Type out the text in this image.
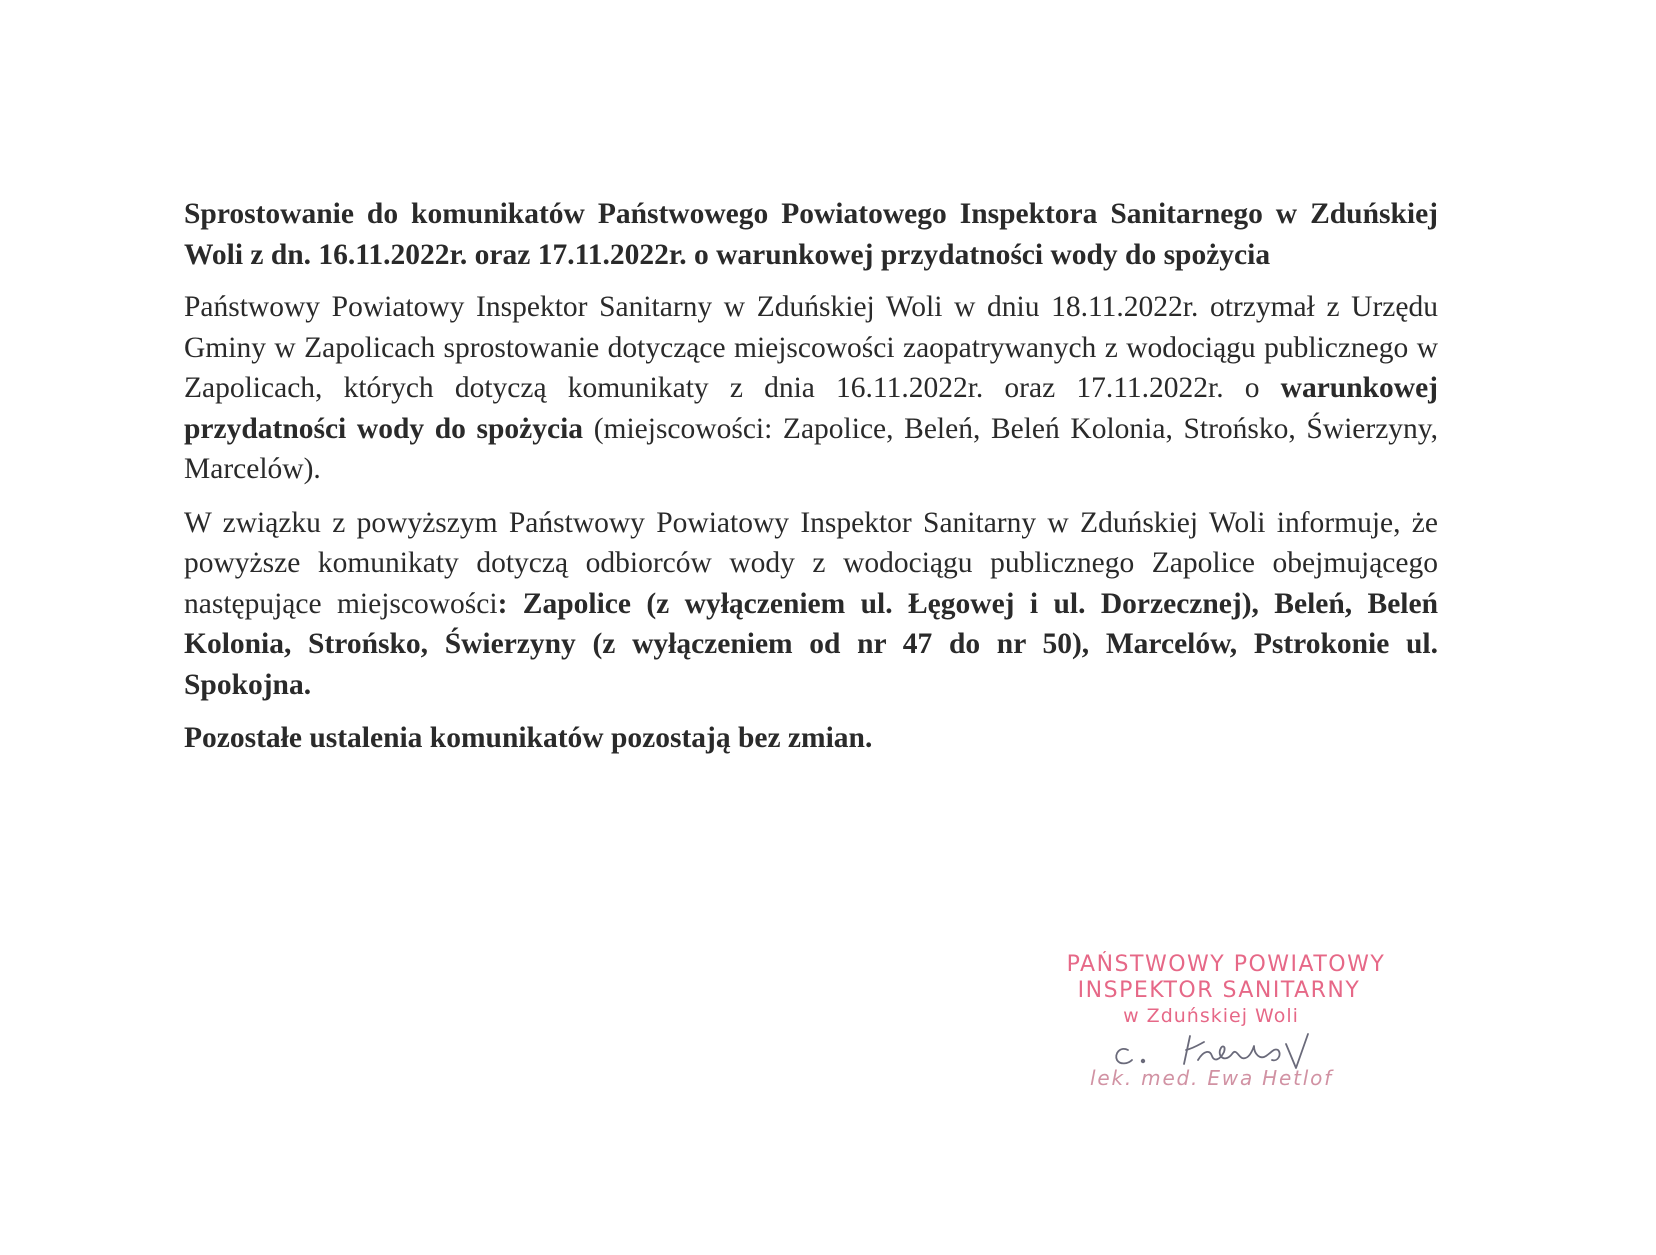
Sprostowanie do komunikatów Państwowego Powiatowego Inspektora Sanitarnego w Zduńskiej Woli z dn. 16.11.2022r. oraz 17.11.2022r. o warunkowej przydatności wody do spożycia

Państwowy Powiatowy Inspektor Sanitarny w Zduńskiej Woli w dniu 18.11.2022r. otrzymał z Urzędu Gminy w Zapolicach sprostowanie dotyczące miejscowości zaopatrywanych z wodociągu publicznego w Zapolicach, których dotyczą komunikaty z dnia 16.11.2022r. oraz 17.11.2022r. o warunkowej przydatności wody do spożycia (miejscowości: Zapolice, Beleń, Beleń Kolonia, Strońsko, Świerzyny, Marcelów).

W związku z powyższym Państwowy Powiatowy Inspektor Sanitarny w Zduńskiej Woli informuje, że powyższe komunikaty dotyczą odbiorców wody z wodociągu publicznego Zapolice obejmującego następujące miejscowości: Zapolice (z wyłączeniem ul. Łęgowej i ul. Dorzecznej), Beleń, Beleń Kolonia, Strońsko, Świerzyny (z wyłączeniem od nr 47 do nr 50), Marcelów, Pstrokonie ul. Spokojna.

Pozostałe ustalenia komunikatów pozostają bez zmian.

PAŃSTWOWY POWIATOWY
INSPEKTOR SANITARNY
w Zduńskiej Woli
lek. med. Ewa Hetlof
